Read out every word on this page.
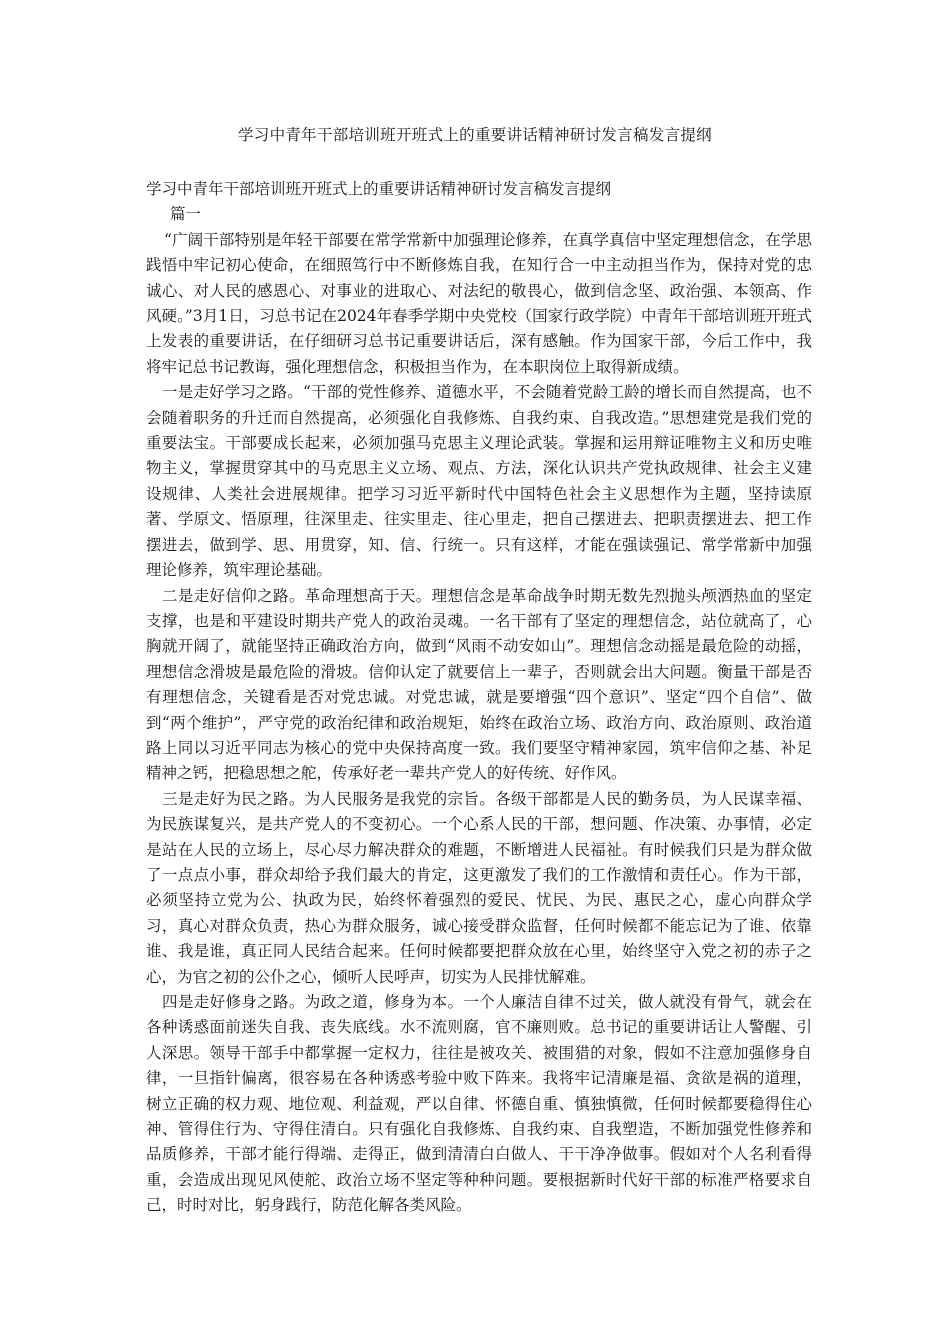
学习中青年干部培训班开班式上的重要讲话精神研讨发言稿发言提纲

学习中青年干部培训班开班式上的重要讲话精神研讨发言稿发言提纲

篇一

“广阔干部特别是年轻干部要在常学常新中加强理论修养，在真学真信中坚定理想信念，在学思践悟中牢记初心使命，在细照笃行中不断修炼自我，在知行合一中主动担当作为，保持对党的忠诚心、对人民的感恩心、对事业的进取心、对法纪的敬畏心，做到信念坚、政治强、本领高、作风硬。”3月1日，习总书记在2024年春季学期中央党校（国家行政学院）中青年干部培训班开班式上发表的重要讲话，在仔细研习总书记重要讲话后，深有感触。作为国家干部，今后工作中，我将牢记总书记教诲，强化理想信念，积极担当作为，在本职岗位上取得新成绩。

一是走好学习之路。“干部的党性修养、道德水平，不会随着党龄工龄的增长而自然提高，也不会随着职务的升迁而自然提高，必须强化自我修炼、自我约束、自我改造。”思想建党是我们党的重要法宝。干部要成长起来，必须加强马克思主义理论武装。掌握和运用辩证唯物主义和历史唯物主义，掌握贯穿其中的马克思主义立场、观点、方法，深化认识共产党执政规律、社会主义建设规律、人类社会进展规律。把学习习近平新时代中国特色社会主义思想作为主题，坚持读原著、学原文、悟原理，往深里走、往实里走、往心里走，把自己摆进去、把职责摆进去、把工作摆进去，做到学、思、用贯穿，知、信、行统一。只有这样，才能在强读强记、常学常新中加强理论修养，筑牢理论基础。

二是走好信仰之路。革命理想高于天。理想信念是革命战争时期无数先烈抛头颅洒热血的坚定支撑，也是和平建设时期共产党人的政治灵魂。一名干部有了坚定的理想信念，站位就高了，心胸就开阔了，就能坚持正确政治方向，做到“风雨不动安如山”。理想信念动摇是最危险的动摇，理想信念滑坡是最危险的滑坡。信仰认定了就要信上一辈子，否则就会出大问题。衡量干部是否有理想信念，关键看是否对党忠诚。对党忠诚，就是要增强“四个意识”、坚定“四个自信”、做到“两个维护”，严守党的政治纪律和政治规矩，始终在政治立场、政治方向、政治原则、政治道路上同以习近平同志为核心的党中央保持高度一致。我们要坚守精神家园，筑牢信仰之基、补足精神之钙，把稳思想之舵，传承好老一辈共产党人的好传统、好作风。

三是走好为民之路。为人民服务是我党的宗旨。各级干部都是人民的勤务员，为人民谋幸福、为民族谋复兴，是共产党人的不变初心。一个心系人民的干部，想问题、作决策、办事情，必定是站在人民的立场上，尽心尽力解决群众的难题，不断增进人民福祉。有时候我们只是为群众做了一点点小事，群众却给予我们最大的肯定，这更激发了我们的工作激情和责任心。作为干部，必须坚持立党为公、执政为民，始终怀着强烈的爱民、忧民、为民、惠民之心，虚心向群众学习，真心对群众负责，热心为群众服务，诚心接受群众监督，任何时候都不能忘记为了谁、依靠谁、我是谁，真正同人民结合起来。任何时候都要把群众放在心里，始终坚守入党之初的赤子之心，为官之初的公仆之心，倾听人民呼声，切实为人民排忧解难。

四是走好修身之路。为政之道，修身为本。一个人廉洁自律不过关，做人就没有骨气，就会在各种诱惑面前迷失自我、丧失底线。水不流则腐，官不廉则败。总书记的重要讲话让人警醒、引人深思。领导干部手中都掌握一定权力，往往是被攻关、被围猎的对象，假如不注意加强修身自律，一旦指针偏离，很容易在各种诱惑考验中败下阵来。我将牢记清廉是福、贪欲是祸的道理，树立正确的权力观、地位观、利益观，严以自律、怀德自重、慎独慎微，任何时候都要稳得住心神、管得住行为、守得住清白。只有强化自我修炼、自我约束、自我塑造，不断加强党性修养和品质修养，干部才能行得端、走得正，做到清清白白做人、干干净净做事。假如对个人名利看得重，会造成出现见风使舵、政治立场不坚定等种种问题。要根据新时代好干部的标准严格要求自己，时时对比，躬身践行，防范化解各类风险。
